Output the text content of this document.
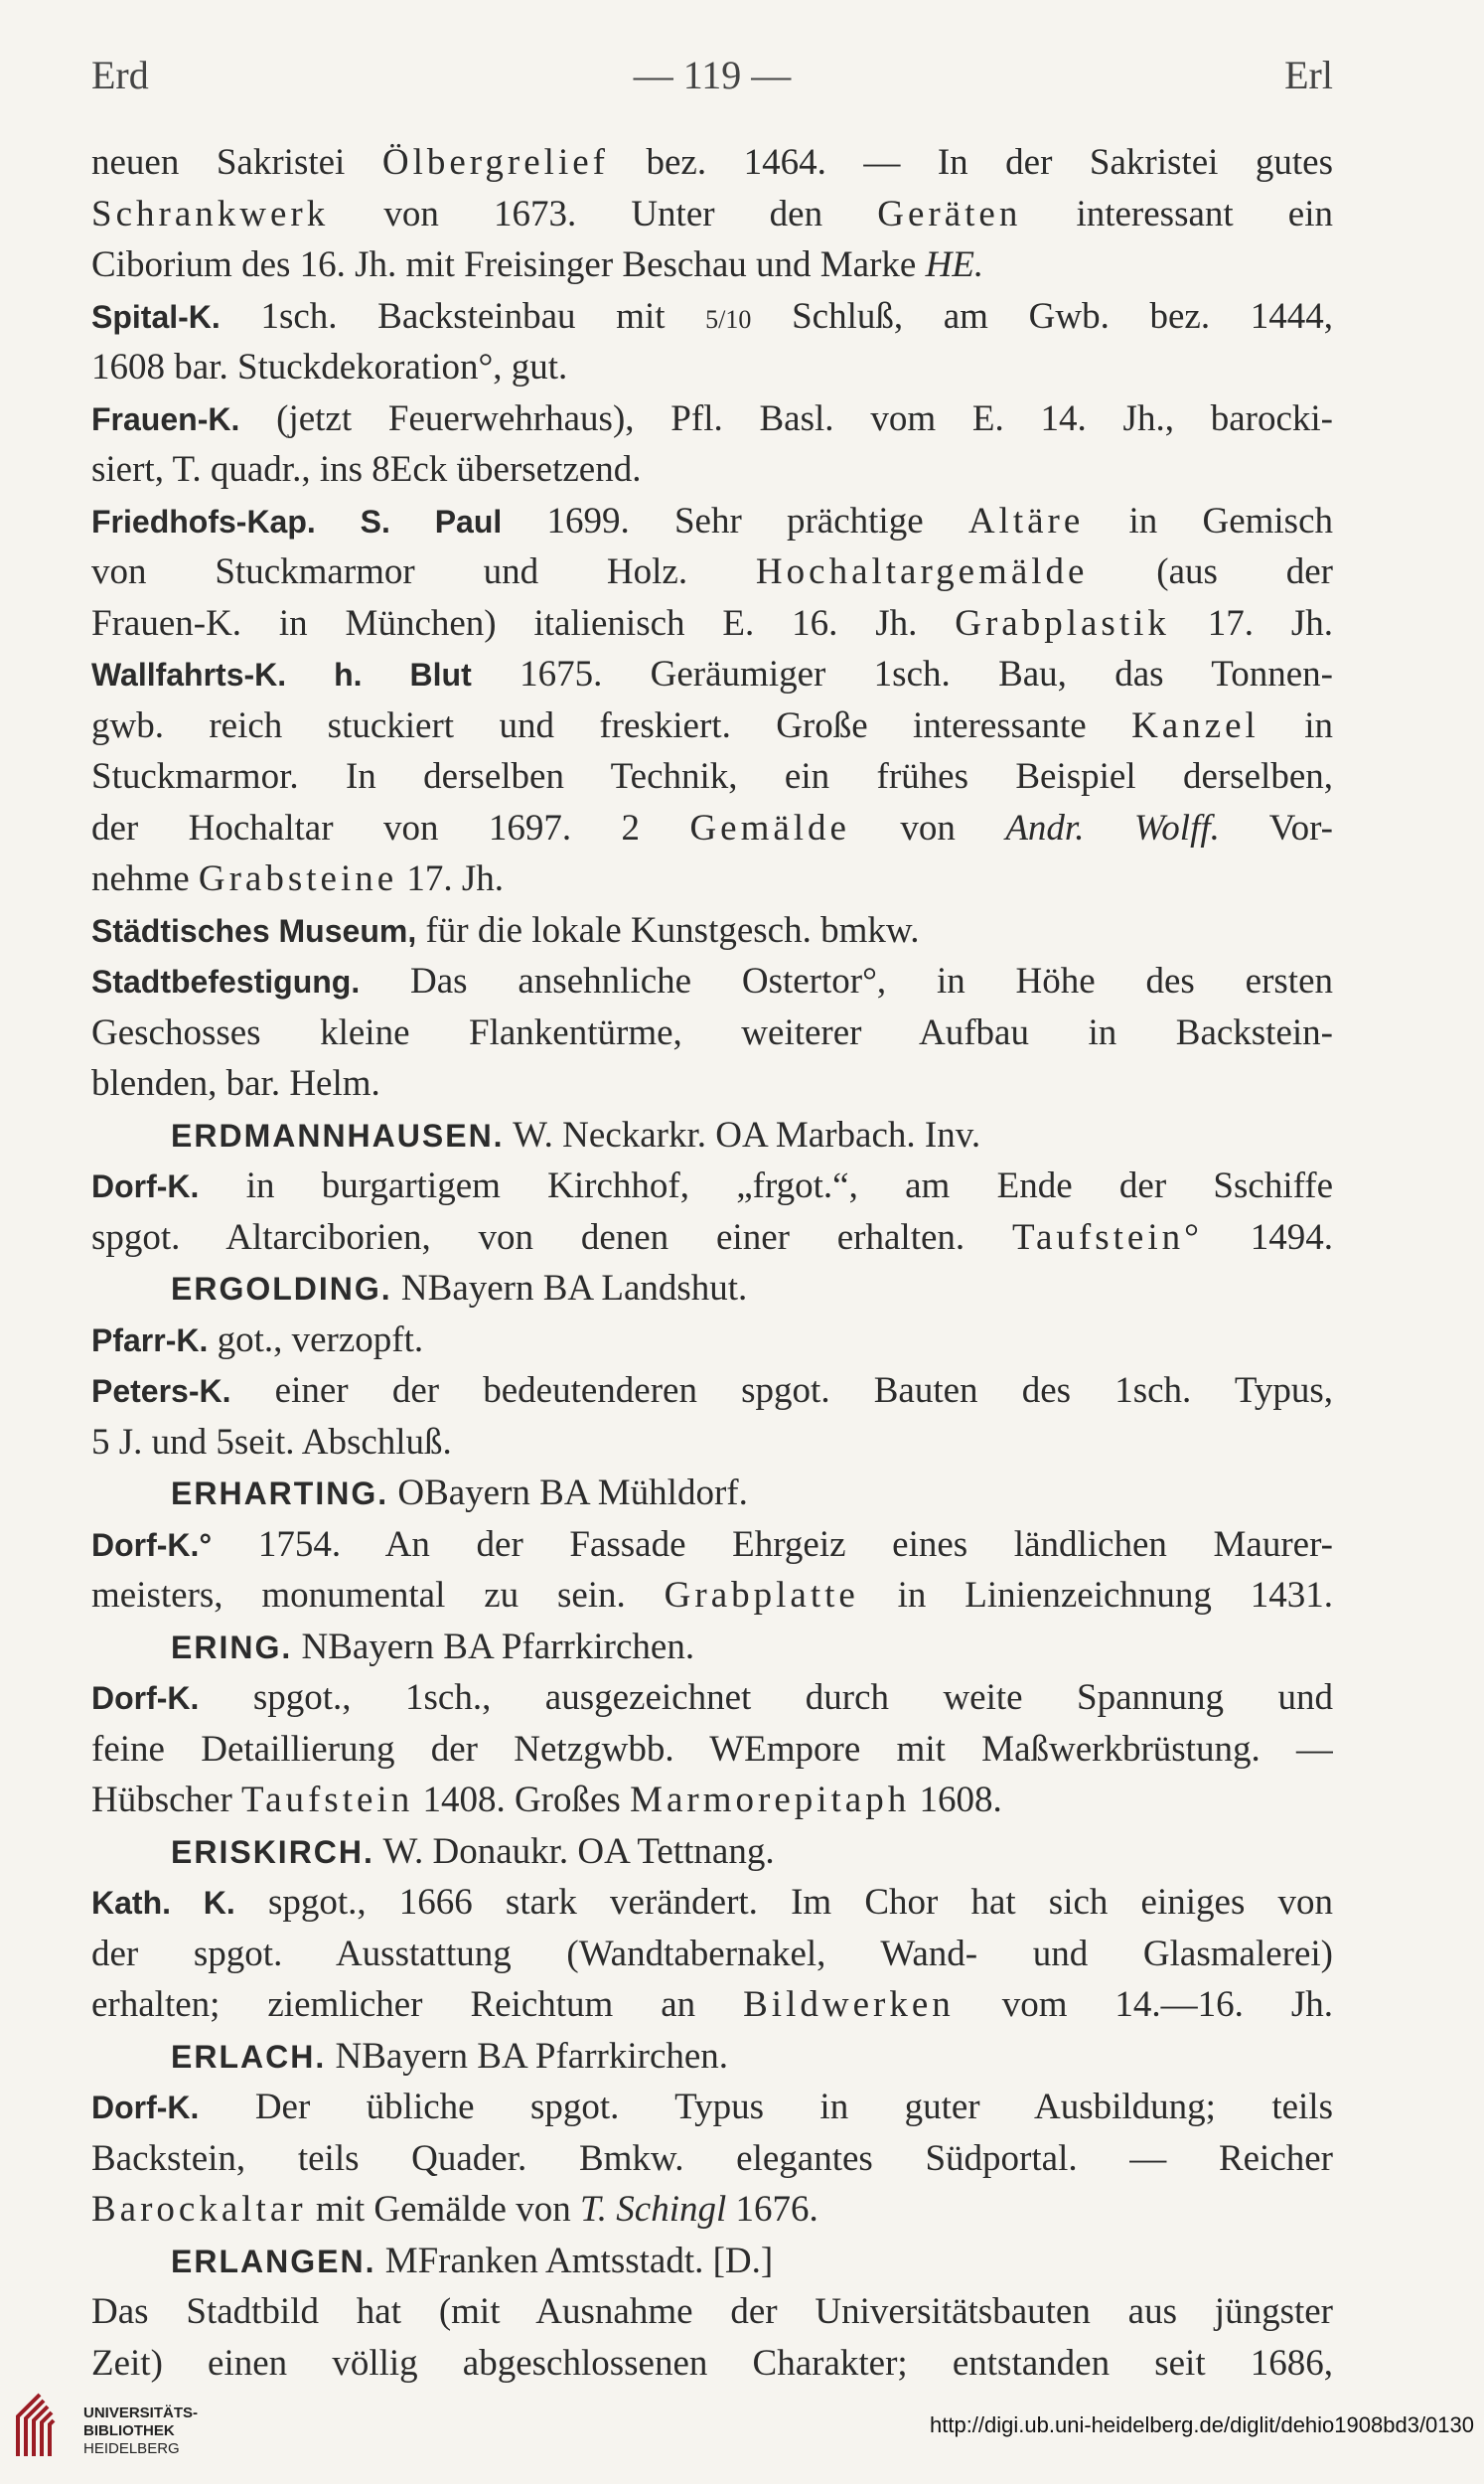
Erd	— 119 —	Erl
neuen Sakristei Ölbergrelief bez. 1464. — In der Sakristei gutes
Schrankwerk von 1673. Unter den Geräten interessant ein
Ciborium des 16. Jh. mit Freisinger Beschau und Marke HE.
Spital-K. 1sch. Backsteinbau mit 5/10 Schluß, am Gwb. bez. 1444,
1608 bar. Stuckdekoration°, gut.
Frauen-K. (jetzt Feuerwehrhaus), Pfl. Basl. vom E. 14. Jh., barocki-
siert, T. quadr., ins 8Eck übersetzend.
Friedhofs-Kap. S. Paul 1699. Sehr prächtige Altäre in Gemisch
von Stuckmarmor und Holz. Hochaltargemälde (aus der
Frauen-K. in München) italienisch E. 16. Jh. Grabplastik 17. Jh.
Wallfahrts-K. h. Blut 1675. Geräumiger 1sch. Bau, das Tonnen-
gwb. reich stuckiert und freskiert. Große interessante Kanzel in
Stuckmarmor. In derselben Technik, ein frühes Beispiel derselben,
der Hochaltar von 1697. 2 Gemälde von Andr. Wolff. Vor-
nehme Grabsteine 17. Jh.
Städtisches Museum, für die lokale Kunstgesch. bmkw.
Stadtbefestigung. Das ansehnliche Ostertor°, in Höhe des ersten
Geschosses kleine Flankentürme, weiterer Aufbau in Backstein-
blenden, bar. Helm.
ERDMANNHAUSEN. W. Neckarkr. OA Marbach. Inv.
Dorf-K. in burgartigem Kirchhof, „frgot.“, am Ende der Sschiffe
spgot. Altarciborien, von denen einer erhalten. Taufstein° 1494.
ERGOLDING. NBayern BA Landshut.
Pfarr-K. got., verzopft.
Peters-K. einer der bedeutenderen spgot. Bauten des 1sch. Typus,
5 J. und 5seit. Abschluß.
ERHARTING. OBayern BA Mühldorf.
Dorf-K.° 1754. An der Fassade Ehrgeiz eines ländlichen Maurer-
meisters, monumental zu sein. Grabplatte in Linienzeichnung 1431.
ERING. NBayern BA Pfarrkirchen.
Dorf-K. spgot., 1sch., ausgezeichnet durch weite Spannung und
feine Detaillierung der Netzgwbb. WEmpore mit Maßwerkbrüstung. —
Hübscher Taufstein 1408. Großes Marmorepitaph 1608.
ERISKIRCH. W. Donaukr. OA Tettnang.
Kath. K. spgot., 1666 stark verändert. Im Chor hat sich einiges von
der spgot. Ausstattung (Wandtabernakel, Wand- und Glasmalerei)
erhalten; ziemlicher Reichtum an Bildwerken vom 14.—16. Jh.
ERLACH. NBayern BA Pfarrkirchen.
Dorf-K. Der übliche spgot. Typus in guter Ausbildung; teils
Backstein, teils Quader. Bmkw. elegantes Südportal. — Reicher
Barockaltar mit Gemälde von T. Schingl 1676.
ERLANGEN. MFranken Amtsstadt. [D.]
Das Stadtbild hat (mit Ausnahme der Universitätsbauten aus jüngster
Zeit) einen völlig abgeschlossenen Charakter; entstanden seit 1686,
UNIVERSITÄTS-
BIBLIOTHEK
HEIDELBERG
http://digi.ub.uni-heidelberg.de/diglit/dehio1908bd3/0130
